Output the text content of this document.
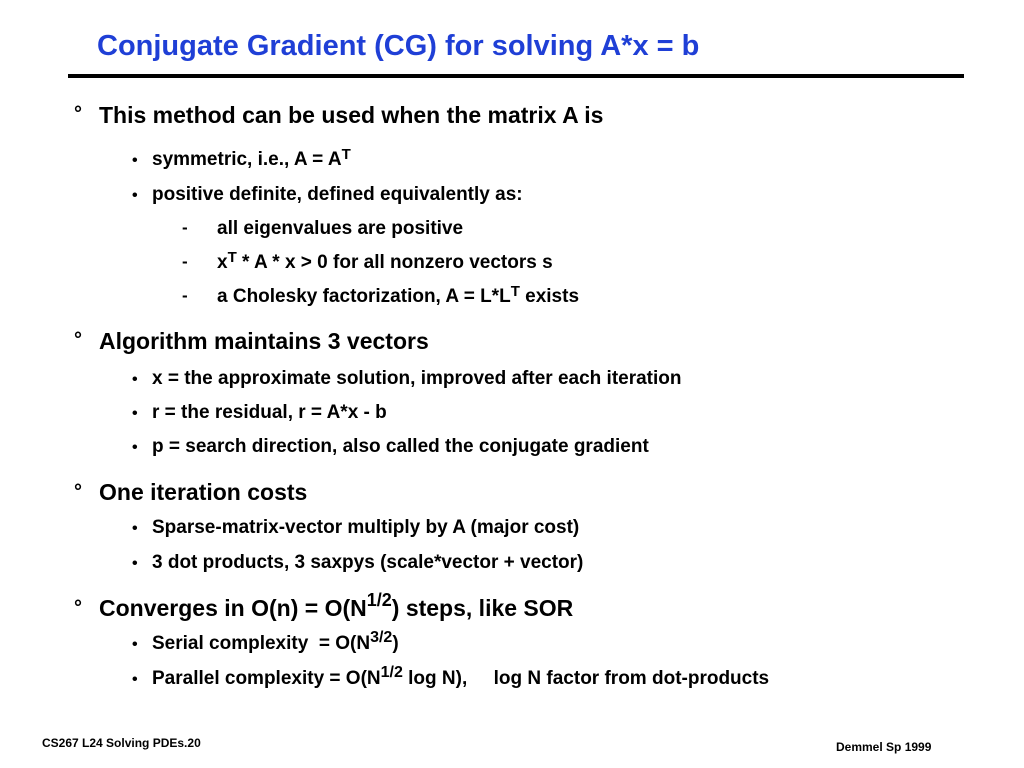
Conjugate Gradient (CG) for solving A*x = b
° This method can be used when the matrix A is
• symmetric, i.e., $A = A^T$
• positive definite, defined equivalently as:
- all eigenvalues are positive
- $x^T * A * x > 0$ for all nonzero vectors s
- a Cholesky factorization, $A = L*L^T$ exists
° Algorithm maintains 3 vectors
• x = the approximate solution, improved after each iteration
• r = the residual, r = A*x - b
• p = search direction, also called the conjugate gradient
° One iteration costs
• Sparse-matrix-vector multiply by A (major cost)
• 3 dot products, 3 saxpys (scale*vector + vector)
° Converges in $O(n) = O(N^{1/2})$ steps, like SOR
• Serial complexity  = $O(N^{3/2})$
• Parallel complexity = $O(N^{1/2}$ log N),     log N factor from dot-products
CS267 L24 Solving PDEs.20	Demmel Sp 1999
